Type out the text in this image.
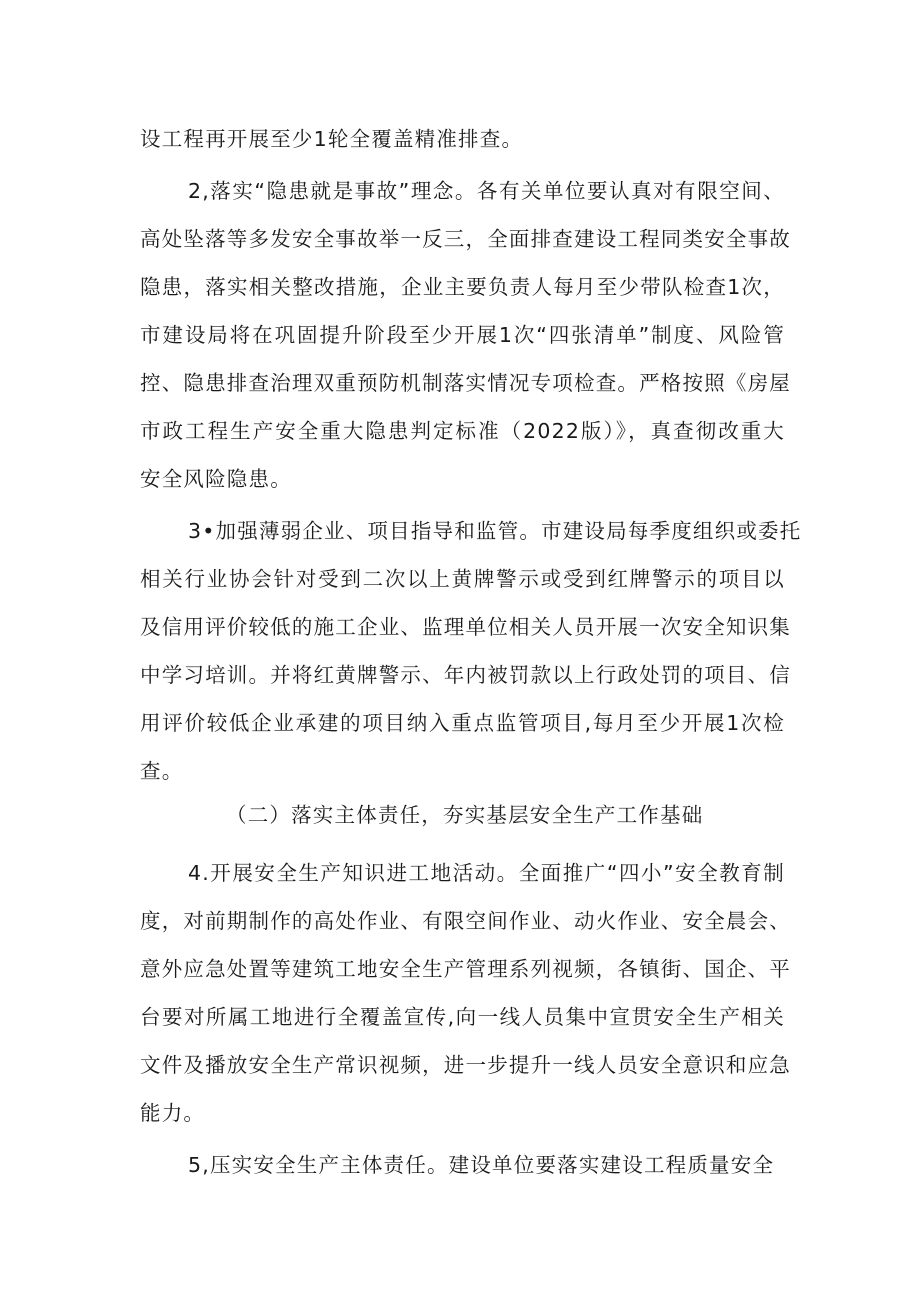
设工程再开展至少1轮全覆盖精准排查。
2,落实“隐患就是事故”理念。各有关单位要认真对有限空间、
高处坠落等多发安全事故举一反三，全面排查建设工程同类安全事故
隐患，落实相关整改措施，企业主要负责人每月至少带队检查1次，
市建设局将在巩固提升阶段至少开展1次“四张清单”制度、风险管
控、隐患排查治理双重预防机制落实情况专项检查。严格按照《房屋
市政工程生产安全重大隐患判定标准（2022版）》，真查彻改重大
安全风险隐患。
3•加强薄弱企业、项目指导和监管。市建设局每季度组织或委托
相关行业协会针对受到二次以上黄牌警示或受到红牌警示的项目以
及信用评价较低的施工企业、监理单位相关人员开展一次安全知识集
中学习培训。并将红黄牌警示、年内被罚款以上行政处罚的项目、信
用评价较低企业承建的项目纳入重点监管项目,每月至少开展1次检
查。
（二）落实主体责任，夯实基层安全生产工作基础
4.开展安全生产知识进工地活动。全面推广“四小”安全教育制
度，对前期制作的高处作业、有限空间作业、动火作业、安全晨会、
意外应急处置等建筑工地安全生产管理系列视频，各镇街、国企、平
台要对所属工地进行全覆盖宣传,向一线人员集中宣贯安全生产相关
文件及播放安全生产常识视频，进一步提升一线人员安全意识和应急
能力。
5,压实安全生产主体责任。建设单位要落实建设工程质量安全
